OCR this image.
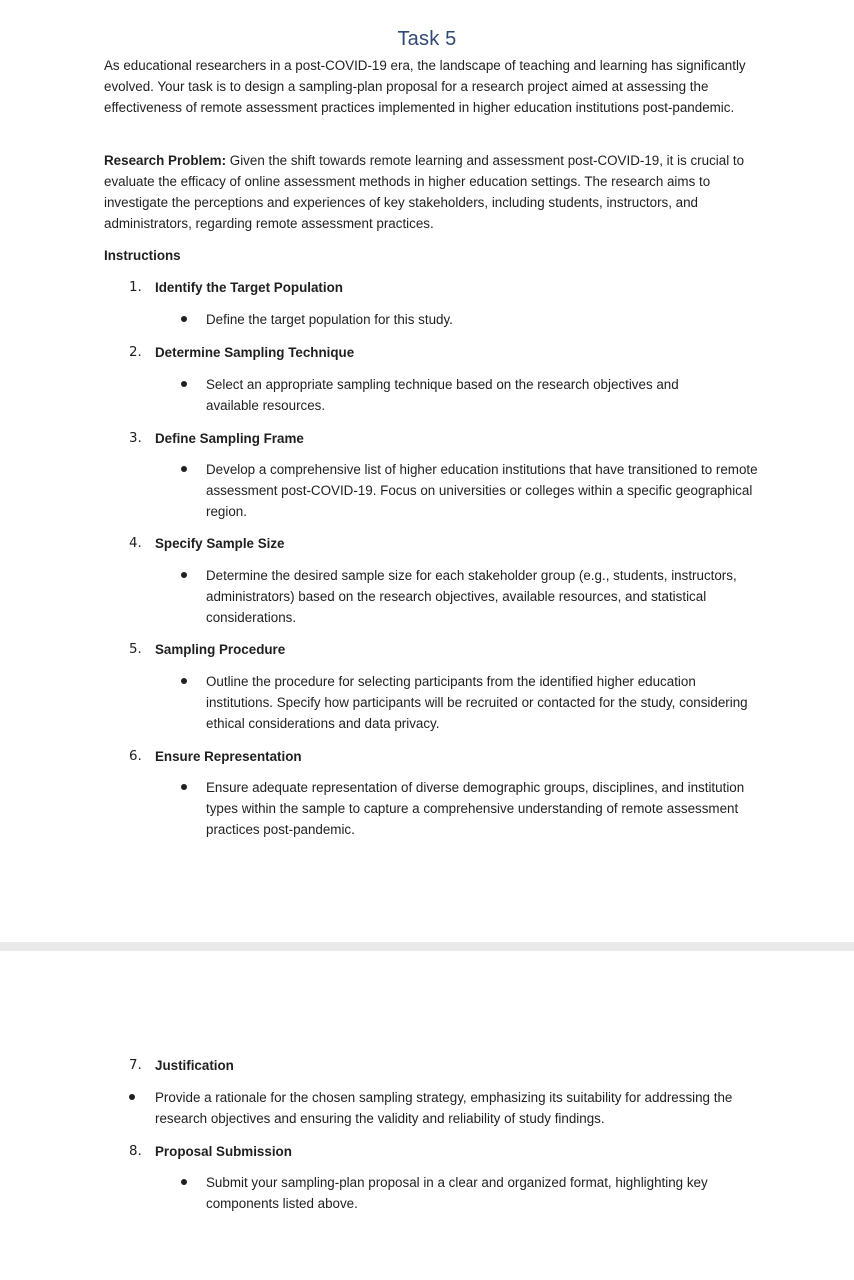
Task 5

As educational researchers in a post-COVID-19 era, the landscape of teaching and learning has significantly evolved. Your task is to design a sampling-plan proposal for a research project aimed at assessing the effectiveness of remote assessment practices implemented in higher education institutions post-pandemic.

Research Problem: Given the shift towards remote learning and assessment post-COVID-19, it is crucial to evaluate the efficacy of online assessment methods in higher education settings. The research aims to investigate the perceptions and experiences of key stakeholders, including students, instructors, and administrators, regarding remote assessment practices.

Instructions
1. Identify the Target Population

Define the target population for this study.

2. Determine Sampling Technique

Select an appropriate sampling technique based on the research objectives and available resources.

3. Define Sampling Frame

Develop a comprehensive list of higher education institutions that have transitioned to remote assessment post-COVID-19. Focus on universities or colleges within a specific geographical region.

4. Specify Sample Size

Determine the desired sample size for each stakeholder group (e.g., students, instructors, administrators) based on the research objectives, available resources, and statistical considerations.

5. Sampling Procedure

Outline the procedure for selecting participants from the identified higher education institutions. Specify how participants will be recruited or contacted for the study, considering ethical considerations and data privacy.

6. Ensure Representation

Ensure adequate representation of diverse demographic groups, disciplines, and institution types within the sample to capture a comprehensive understanding of remote assessment practices post-pandemic.

7. Justification

Provide a rationale for the chosen sampling strategy, emphasizing its suitability for addressing the research objectives and ensuring the validity and reliability of study findings.

8. Proposal Submission

Submit your sampling-plan proposal in a clear and organized format, highlighting key components listed above.
